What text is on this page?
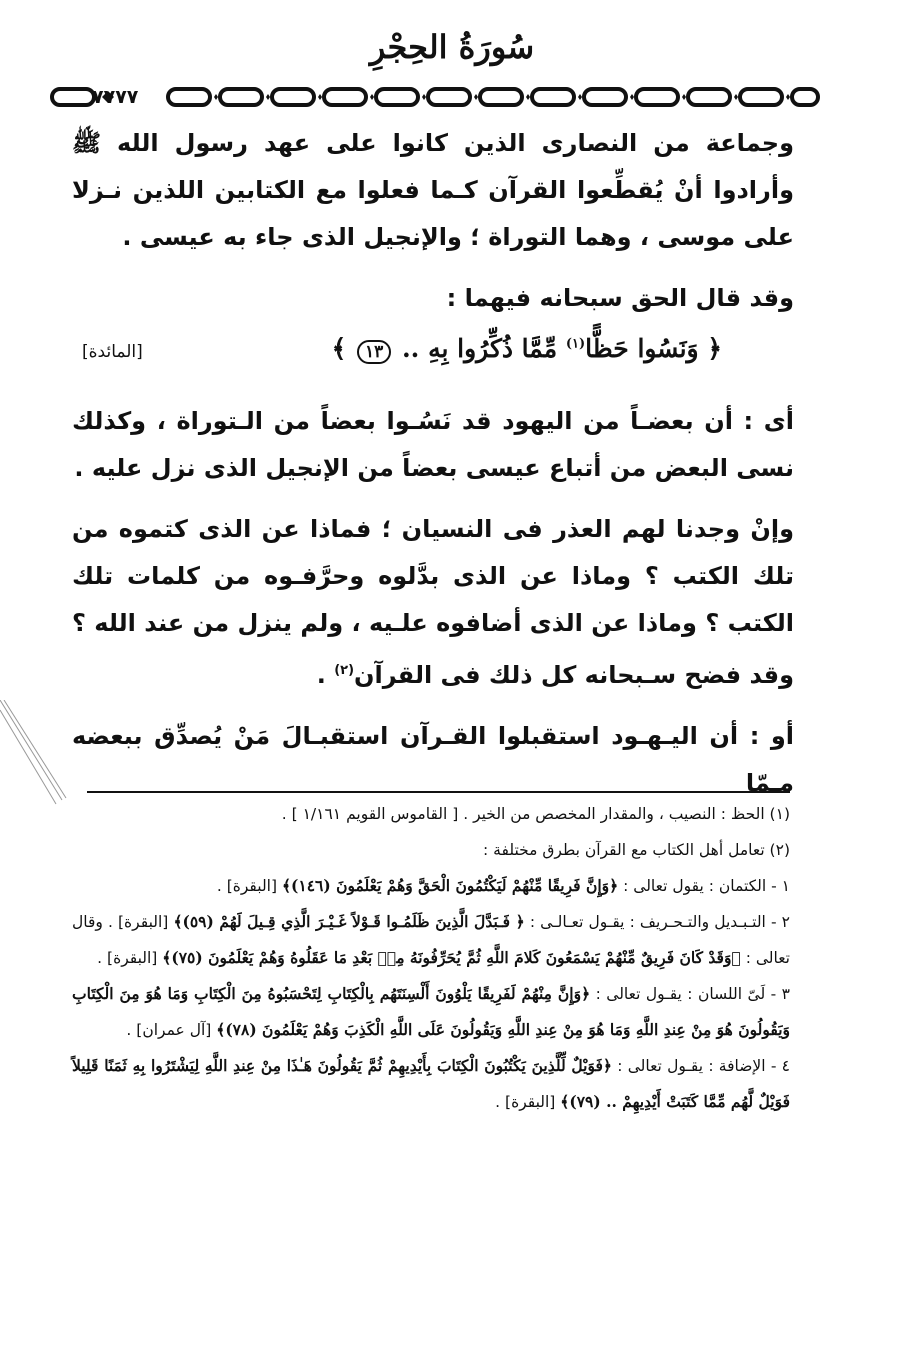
سُورَةُ الحِجْرِ
٧٧٧٧

وجماعة من النصارى الذين كانوا على عهد رسول الله ﷺ وأرادوا أنْ يُقطِّعوا القرآن كـما فعلوا مع الكتابين اللذين نـزلا على موسى ، وهما التوراة ؛ والإنجيل الذى جاء به عيسى .

وقد قال الحق سبحانه فيهما :

﴿ وَنَسُوا حَظًّا$^{(١)}$ مِّمَّا ذُكِّرُوا بِهِ .. ١٣ ﴾
[المائدة]

أى : أن بعضـاً من اليهود قد نَسُـوا بعضاً من الـتوراة ، وكذلك نسى البعض من أتباع عيسى بعضاً من الإنجيل الذى نزل عليه .

وإنْ وجدنا لهم العذر فى النسيان ؛ فماذا عن الذى كتموه من تلك الكتب ؟ وماذا عن الذى بدَّلوه وحرَّفـوه من كلمات تلك الكتب ؟ وماذا عن الذى أضافوه علـيه ، ولم ينزل من عند الله ؟ وقد فضح سـبحانه كل ذلك فى القرآن$^{(٢)}$ .

أو : أن اليـهـود استقبلوا القـرآن استقبـالَ مَنْ يُصدِّق ببعضه مـمّا

(١) الحظ : النصيب ، والمقدار المخصص من الخير . [ القاموس القويم ١/١٦١ ] .

(٢) تعامل أهل الكتاب مع القرآن بطرق مختلفة :

١ - الكتمان : يقول تعالى : ﴿وَإِنَّ فَرِيقًا مِّنْهُمْ لَيَكْتُمُونَ الْحَقَّ وَهُمْ يَعْلَمُونَ (١٤٦)﴾ [البقرة] .

٢ - التـبـديل والتـحـريف : يقـول تعـالـى : ﴿ فَـبَدَّلَ الَّذِينَ ظَلَمُـوا قَـوْلاً غَـيْـرَ الَّذِي قِـيلَ لَهُمْ (٥٩)﴾ [البقرة] . وقال تعالى : ﴿وَقَدْ كَانَ فَرِيقٌ مِّنْهُمْ يَسْمَعُونَ كَلامَ اللَّهِ ثُمَّ يُحَرِّفُونَهُ مِنۢ بَعْدِ مَا عَقَلُوهُ وَهُمْ يَعْلَمُونَ (٧٥)﴾ [البقرة] .

٣ - لَىّ اللسان : يقـول تعالى : ﴿وَإِنَّ مِنْهُمْ لَفَرِيقًا يَلْوُونَ أَلْسِنَتَهُم بِالْكِتَابِ لِتَحْسَبُوهُ مِنَ الْكِتَابِ وَمَا هُوَ مِنَ الْكِتَابِ وَيَقُولُونَ هُوَ مِنْ عِندِ اللَّهِ وَمَا هُوَ مِنْ عِندِ اللَّهِ وَيَقُولُونَ عَلَى اللَّهِ الْكَذِبَ وَهُمْ يَعْلَمُونَ (٧٨)﴾ [آل عمران] .

٤ - الإضافة : يقـول تعالى : ﴿فَوَيْلٌ لِّلَّذِينَ يَكْتُبُونَ الْكِتَابَ بِأَيْدِيهِمْ ثُمَّ يَقُولُونَ هَـٰذَا مِنْ عِندِ اللَّهِ لِيَشْتَرُوا بِهِ ثَمَنًا قَلِيلاً فَوَيْلٌ لَّهُم مِّمَّا كَتَبَتْ أَيْدِيهِمْ .. (٧٩)﴾ [البقرة] .
